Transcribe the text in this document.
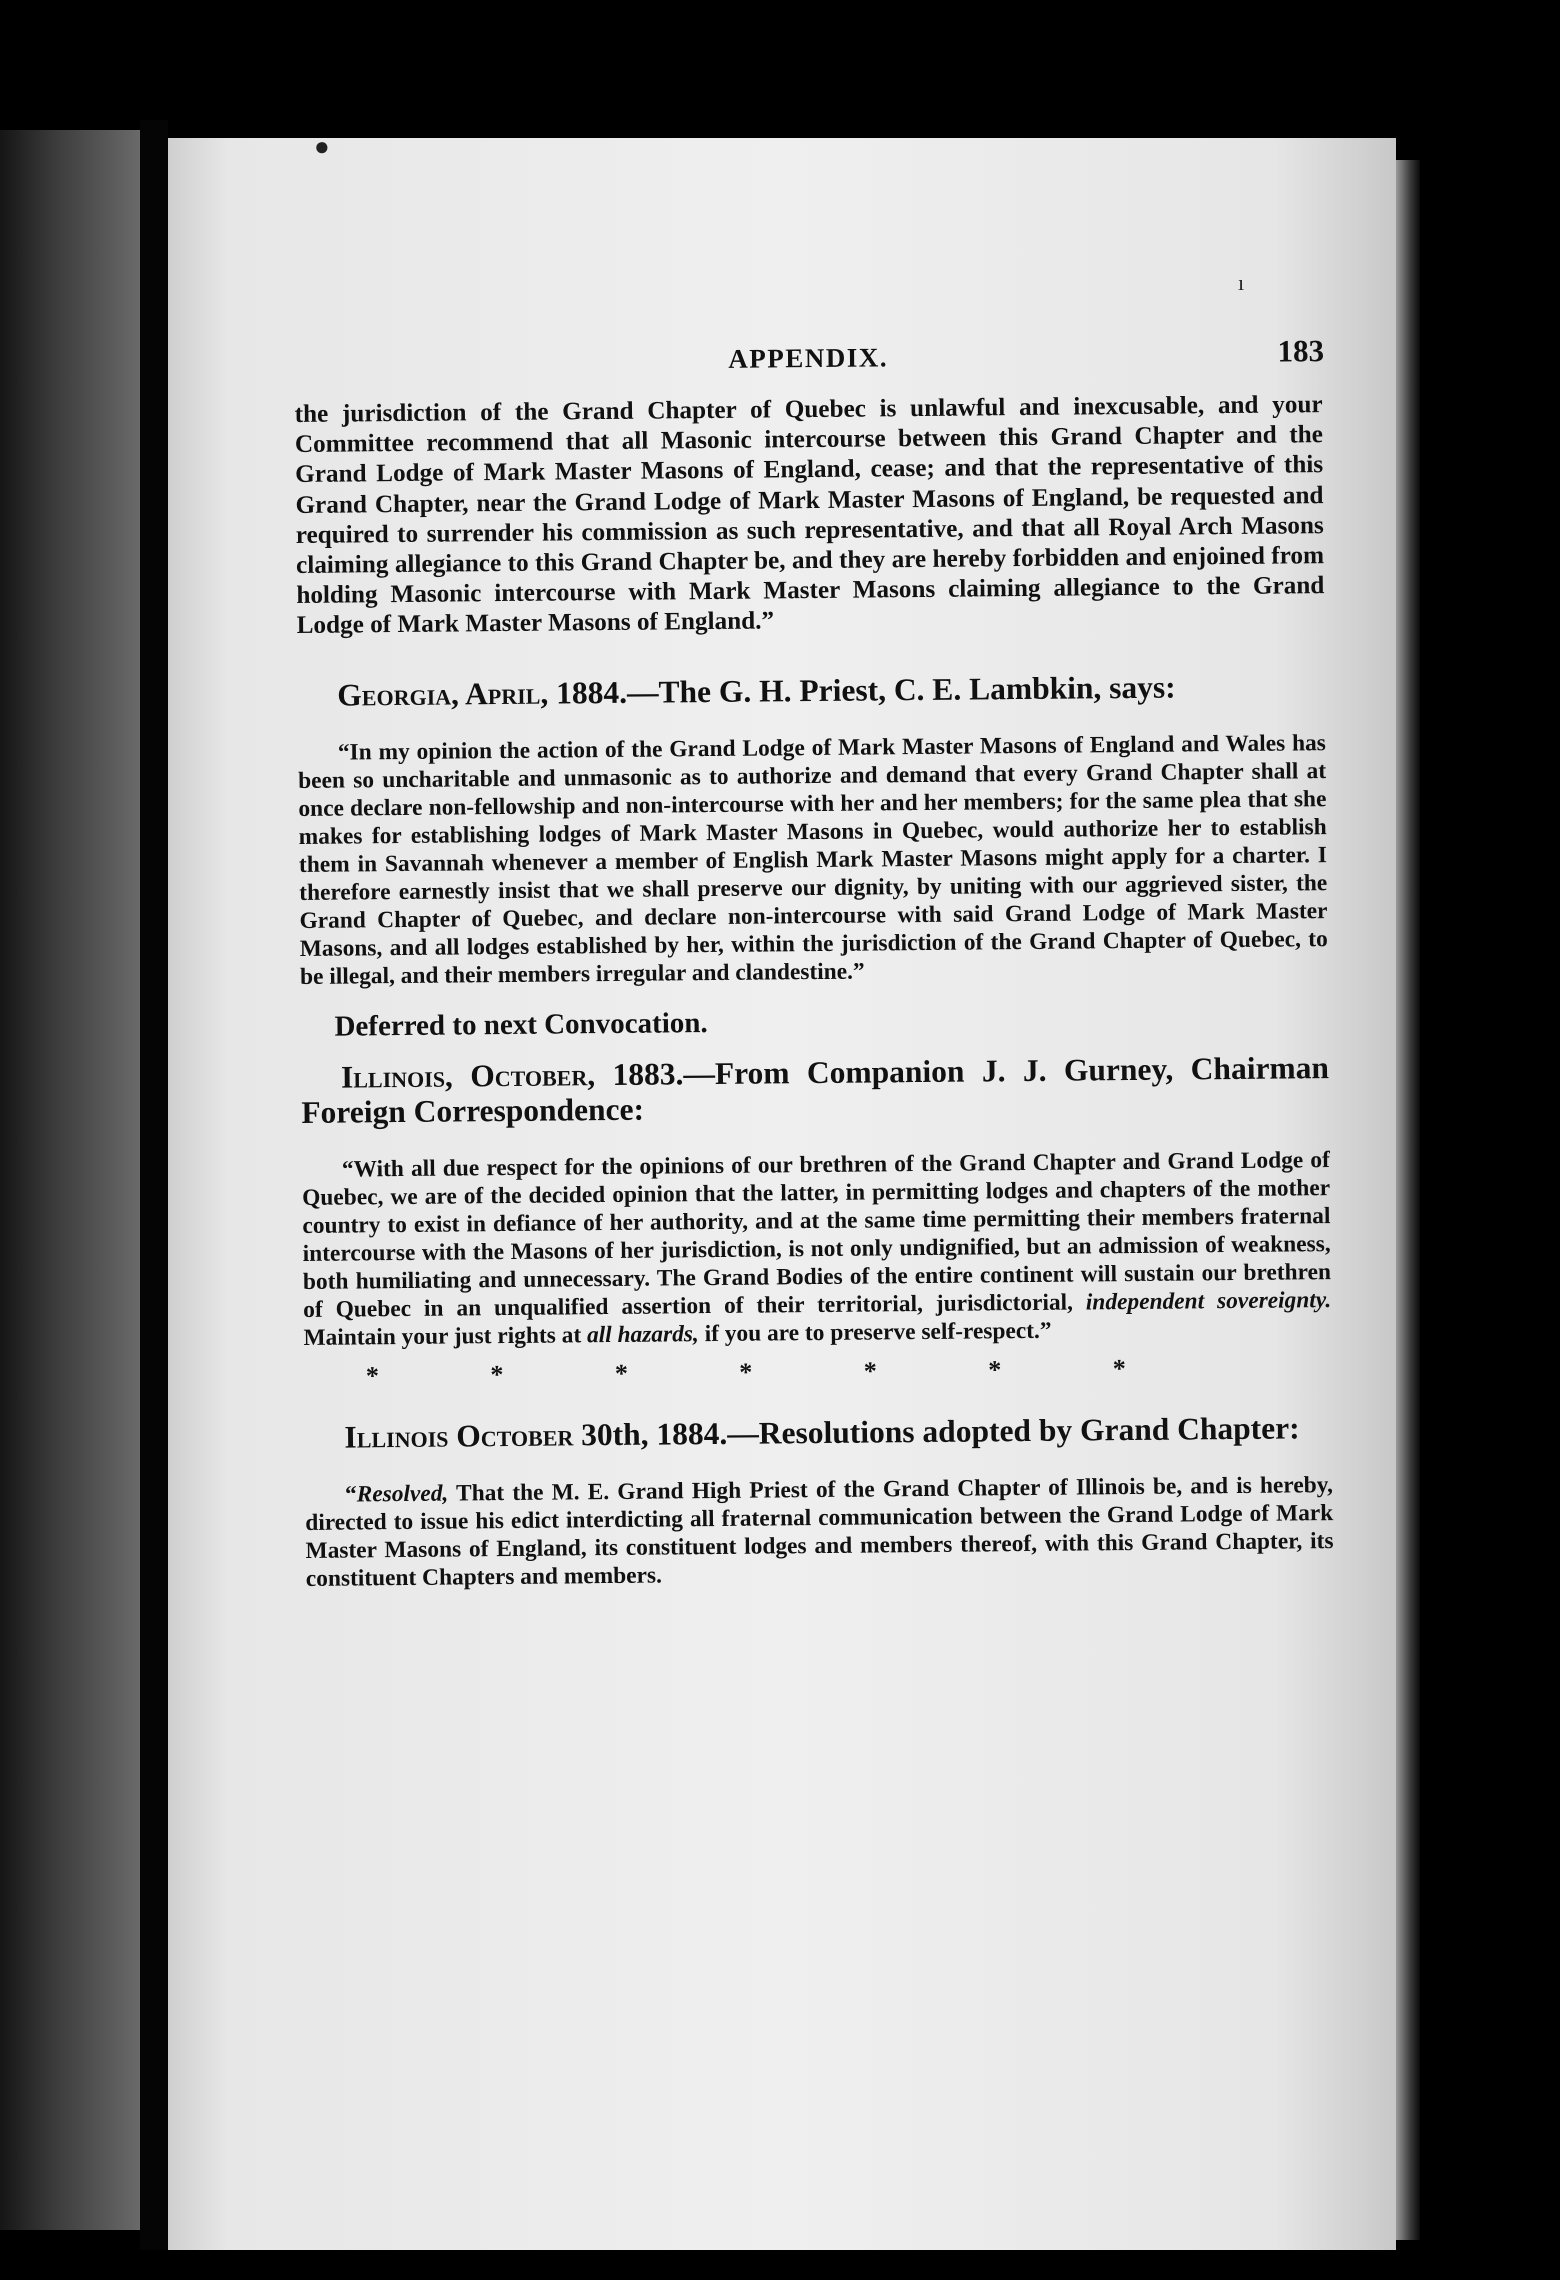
●
ı
APPENDIX.	183

the jurisdiction of the Grand Chapter of Quebec is unlawful and inexcusable, and your Committee recommend that all Masonic intercourse between this Grand Chapter and the Grand Lodge of Mark Master Masons of England, cease; and that the representative of this Grand Chapter, near the Grand Lodge of Mark Master Masons of England, be requested and required to surrender his commission as such representative, and that all Royal Arch Masons claiming allegiance to this Grand Chapter be, and they are hereby forbidden and enjoined from holding Masonic intercourse with Mark Master Masons claiming allegiance to the Grand Lodge of Mark Master Masons of England.”

Georgia, April, 1884.—The G. H. Priest, C. E. Lambkin, says:

“In my opinion the action of the Grand Lodge of Mark Master Masons of England and Wales has been so uncharitable and unmasonic as to authorize and demand that every Grand Chapter shall at once declare non-fellowship and non-intercourse with her and her members; for the same plea that she makes for establishing lodges of Mark Master Masons in Quebec, would authorize her to establish them in Savannah whenever a member of English Mark Master Masons might apply for a charter. I therefore earnestly insist that we shall preserve our dignity, by uniting with our aggrieved sister, the Grand Chapter of Quebec, and declare non-intercourse with said Grand Lodge of Mark Master Masons, and all lodges established by her, within the jurisdiction of the Grand Chapter of Quebec, to be illegal, and their members irregular and clandestine.”

Deferred to next Convocation.

Illinois, October, 1883.—From Companion J. J. Gurney, Chairman Foreign Correspondence:

“With all due respect for the opinions of our brethren of the Grand Chapter and Grand Lodge of Quebec, we are of the decided opinion that the latter, in permitting lodges and chapters of the mother country to exist in defiance of her authority, and at the same time permitting their members fraternal intercourse with the Masons of her jurisdiction, is not only undignified, but an admission of weakness, both humiliating and unnecessary. The Grand Bodies of the entire continent will sustain our brethren of Quebec in an unqualified assertion of their territorial, jurisdictorial, independent sovereignty. Maintain your just rights at all hazards, if you are to preserve self-respect.”

*	*	*	*	*	*	*

Illinois October 30th, 1884.—Resolutions adopted by Grand Chapter:

“Resolved, That the M. E. Grand High Priest of the Grand Chapter of Illinois be, and is hereby, directed to issue his edict interdicting all fraternal communication between the Grand Lodge of Mark Master Masons of England, its constituent lodges and members thereof, with this Grand Chapter, its constituent Chapters and members.
